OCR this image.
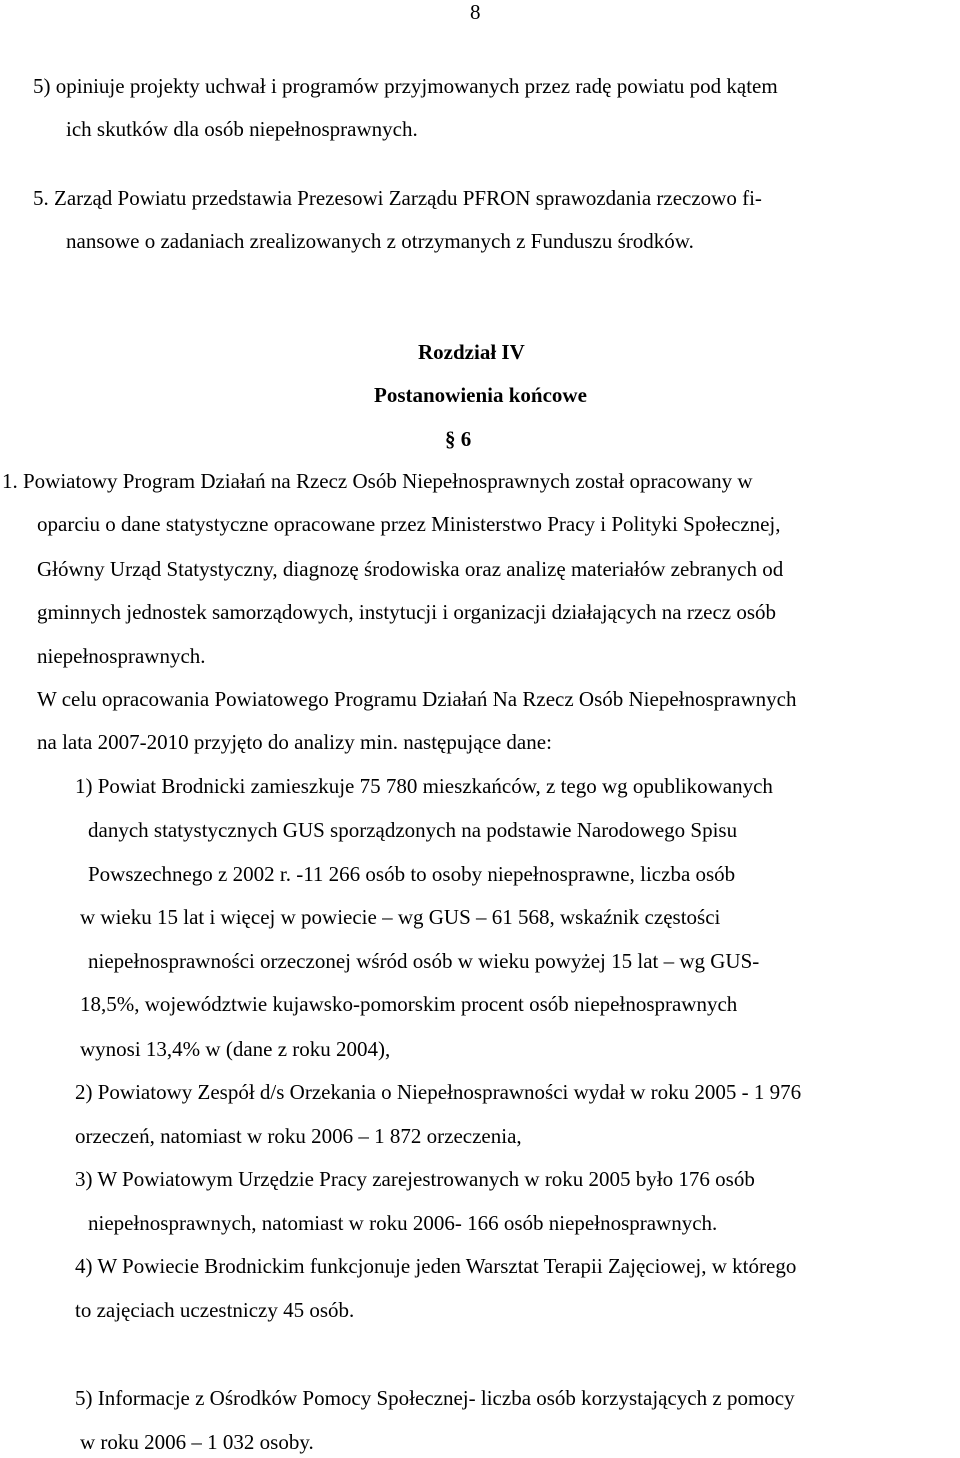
8
5) opiniuje projekty uchwał i programów przyjmowanych przez radę powiatu pod kątem
ich skutków dla osób niepełnosprawnych.
5. Zarząd Powiatu przedstawia Prezesowi Zarządu PFRON sprawozdania rzeczowo fi-
nansowe o zadaniach zrealizowanych z otrzymanych z Funduszu środków.
Rozdział IV
Postanowienia końcowe
§ 6
1. Powiatowy Program Działań na Rzecz Osób Niepełnosprawnych został opracowany w
oparciu o dane statystyczne opracowane przez Ministerstwo Pracy i Polityki Społecznej,
Główny Urząd Statystyczny, diagnozę środowiska oraz analizę materiałów zebranych od
gminnych jednostek samorządowych, instytucji i organizacji działających na rzecz osób
niepełnosprawnych.
W celu opracowania Powiatowego Programu Działań Na Rzecz Osób Niepełnosprawnych
na lata 2007-2010 przyjęto do analizy min. następujące dane:
1) Powiat Brodnicki zamieszkuje 75 780 mieszkańców, z tego wg opublikowanych
danych statystycznych GUS sporządzonych na podstawie Narodowego Spisu
Powszechnego z 2002 r. -11 266 osób to osoby niepełnosprawne, liczba osób
w wieku 15 lat i więcej w powiecie – wg GUS – 61 568, wskaźnik częstości
niepełnosprawności orzeczonej wśród osób w wieku powyżej 15 lat – wg GUS-
18,5%, województwie kujawsko-pomorskim procent osób niepełnosprawnych
wynosi 13,4% w (dane z roku 2004),
2) Powiatowy Zespół d/s Orzekania o Niepełnosprawności wydał w roku 2005 - 1 976
orzeczeń, natomiast w roku 2006 – 1 872 orzeczenia,
3) W Powiatowym Urzędzie Pracy zarejestrowanych w roku 2005 było 176 osób
niepełnosprawnych, natomiast w roku 2006- 166 osób niepełnosprawnych.
4) W Powiecie Brodnickim funkcjonuje jeden Warsztat Terapii Zajęciowej, w którego
to zajęciach uczestniczy 45 osób.
5) Informacje z Ośrodków Pomocy Społecznej- liczba osób korzystających z pomocy
w roku 2006 – 1 032 osoby.
